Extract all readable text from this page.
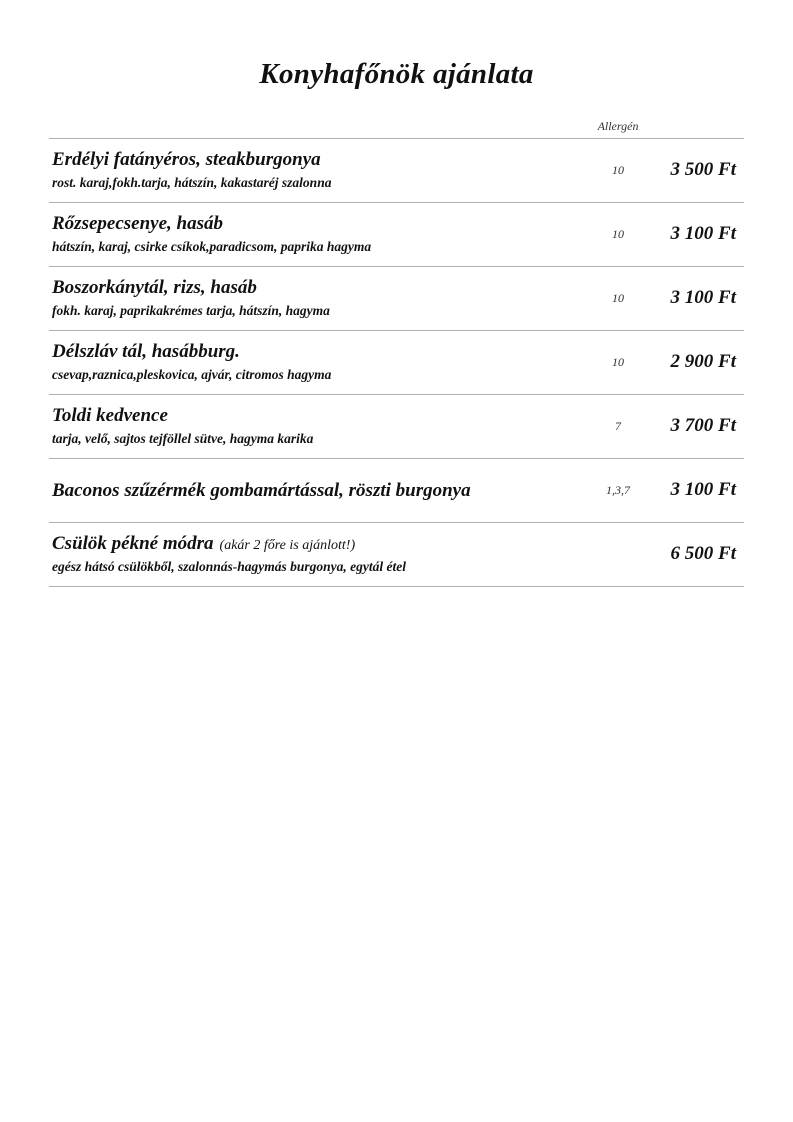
Konyhafőnök ajánlata
Allergén
Erdélyi fatányéros, steakburgonya
rost. karaj,fokh.tarja, hátszín, kakastaréj szalonna
10	3 500 Ft
Rőzsepecsenye, hasáb
hátszín, karaj, csirke csíkok,paradicsom, paprika hagyma
10	3 100 Ft
Boszorkánytál, rizs, hasáb
fokh. karaj, paprikakrémes tarja, hátszín, hagyma
10	3 100 Ft
Délszláv tál, hasábburg.
csevap,raznica,pleskovica, ajvár, citromos hagyma
10	2 900 Ft
Toldi kedvence
tarja, velő, sajtos tejföllel sütve, hagyma karika
7	3 700 Ft
Baconos szűzérmék gombamártással, röszti burgonya	1,3,7	3 100 Ft
Csülök pékné módra (akár 2 főre is ajánlott!)
egész hátsó csülökből, szalonnás-hagymás burgonya, egytál étel
6 500 Ft
